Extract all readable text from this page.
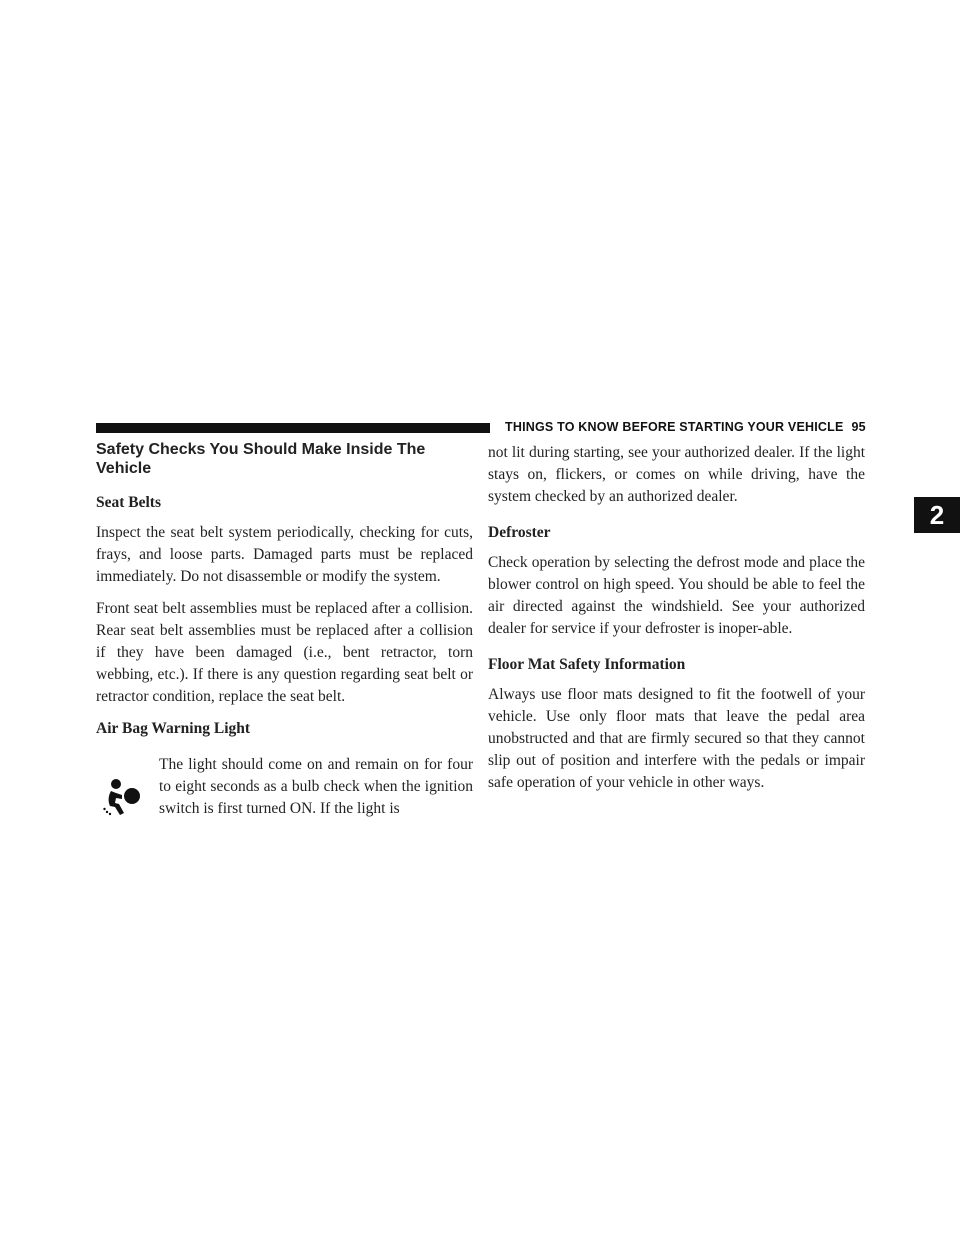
THINGS TO KNOW BEFORE STARTING YOUR VEHICLE 95
2
Safety Checks You Should Make Inside The Vehicle
Seat Belts

Inspect the seat belt system periodically, checking for cuts, frays, and loose parts. Damaged parts must be replaced immediately. Do not disassemble or modify the system.

Front seat belt assemblies must be replaced after a collision. Rear seat belt assemblies must be replaced after a collision if they have been damaged (i.e., bent retractor, torn webbing, etc.). If there is any question regarding seat belt or retractor condition, replace the seat belt.

Air Bag Warning Light

The light should come on and remain on for four to eight seconds as a bulb check when the ignition switch is first turned ON. If the light is

not lit during starting, see your authorized dealer. If the light stays on, flickers, or comes on while driving, have the system checked by an authorized dealer.

Defroster

Check operation by selecting the defrost mode and place the blower control on high speed. You should be able to feel the air directed against the windshield. See your authorized dealer for service if your defroster is inoper-able.

Floor Mat Safety Information

Always use floor mats designed to fit the footwell of your vehicle. Use only floor mats that leave the pedal area unobstructed and that are firmly secured so that they cannot slip out of position and interfere with the pedals or impair safe operation of your vehicle in other ways.
